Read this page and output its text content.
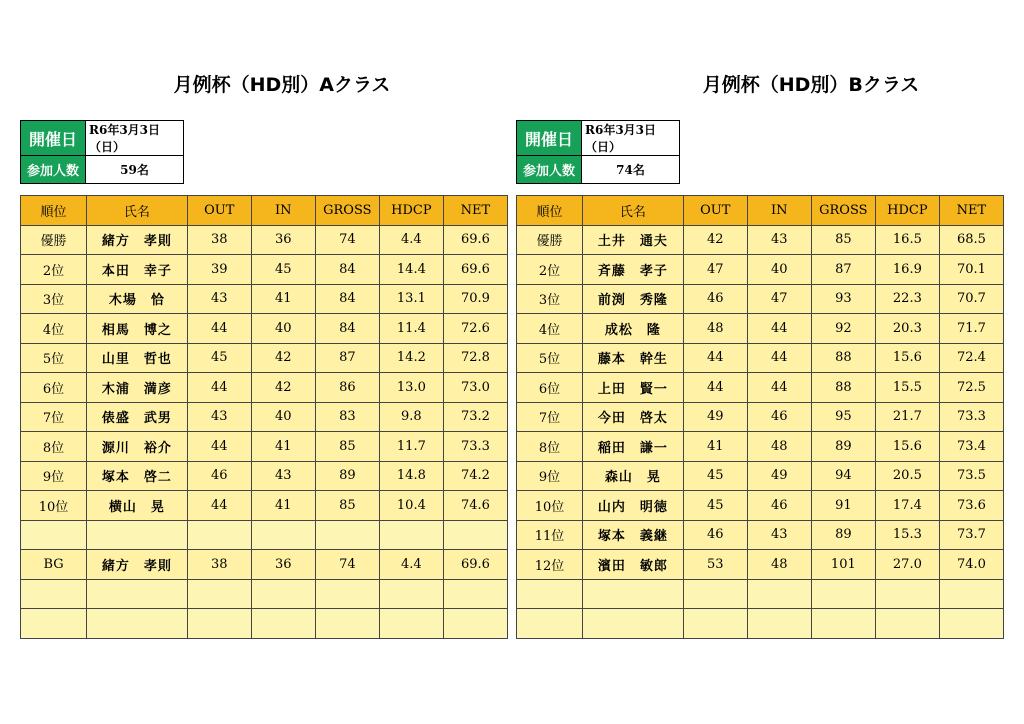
月例杯（HD別）Aクラス
開催日	R6年3月3日（日）
参加人数	59名
順位	氏名	OUT	IN	GROSS	HDCP	NET
優勝	緒方　孝則	38	36	74	4.4	69.6
2位	本田　幸子	39	45	84	14.4	69.6
3位	木場　恰	43	41	84	13.1	70.9
4位	相馬　博之	44	40	84	11.4	72.6
5位	山里　哲也	45	42	87	14.2	72.8
6位	木浦　満彦	44	42	86	13.0	73.0
7位	俵盛　武男	43	40	83	9.8	73.2
8位	源川　裕介	44	41	85	11.7	73.3
9位	塚本　啓二	46	43	89	14.8	74.2
10位	横山　晃	44	41	85	10.4	74.6

BG	緒方　孝則	38	36	74	4.4	69.6

月例杯（HD別）Bクラス
開催日	R6年3月3日（日）
参加人数	74名
順位	氏名	OUT	IN	GROSS	HDCP	NET
優勝	土井　通夫	42	43	85	16.5	68.5
2位	斉藤　孝子	47	40	87	16.9	70.1
3位	前渕　秀隆	46	47	93	22.3	70.7
4位	成松　隆	48	44	92	20.3	71.7
5位	藤本　幹生	44	44	88	15.6	72.4
6位	上田　賢一	44	44	88	15.5	72.5
7位	今田　啓太	49	46	95	21.7	73.3
8位	稲田　謙一	41	48	89	15.6	73.4
9位	森山　晃	45	49	94	20.5	73.5
10位	山内　明徳	45	46	91	17.4	73.6
11位	塚本　義継	46	43	89	15.3	73.7
12位	濱田　敏郎	53	48	101	27.0	74.0
